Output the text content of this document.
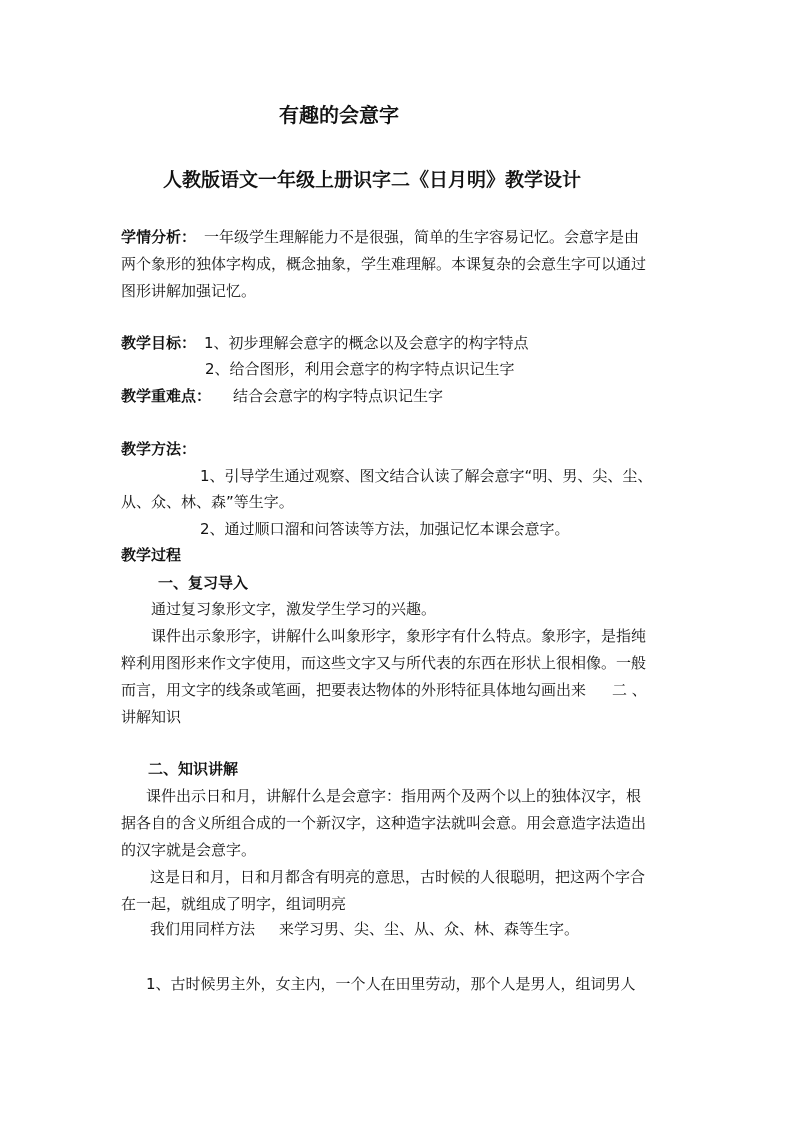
有趣的会意字
人教版语文一年级上册识字二《日月明》教学设计
学情分析： 一年级学生理解能力不是很强，简单的生字容易记忆。会意字是由
两个象形的独体字构成，概念抽象，学生难理解。本课复杂的会意生字可以通过
图形讲解加强记忆。
教学目标： 1、初步理解会意字的概念以及会意字的构字特点
2、给合图形，利用会意字的构字特点识记生字
教学重难点： 结合会意字的构字特点识记生字
教学方法：
1、引导学生通过观察、图文结合认读了解会意字“明、男、尖、尘、
从、众、林、森”等生字。
2、通过顺口溜和问答读等方法，加强记忆本课会意字。
教学过程
一、复习导入
通过复习象形文字，激发学生学习的兴趣。
课件出示象形字，讲解什么叫象形字，象形字有什么特点。象形字，是指纯
粹利用图形来作文字使用，而这些文字又与所代表的东西在形状上很相像。一般
而言，用文字的线条或笔画，把要表达物体的外形特征具体地勾画出来 二 、
讲解知识
二、知识讲解
课件出示日和月，讲解什么是会意字：指用两个及两个以上的独体汉字，根
据各自的含义所组合成的一个新汉字，这种造字法就叫会意。用会意造字法造出
的汉字就是会意字。
这是日和月，日和月都含有明亮的意思，古时候的人很聪明，把这两个字合
在一起，就组成了明字，组词明亮
我们用同样方法 来学习男、尖、尘、从、众、林、森等生字。
1、古时候男主外，女主内，一个人在田里劳动，那个人是男人，组词男人
